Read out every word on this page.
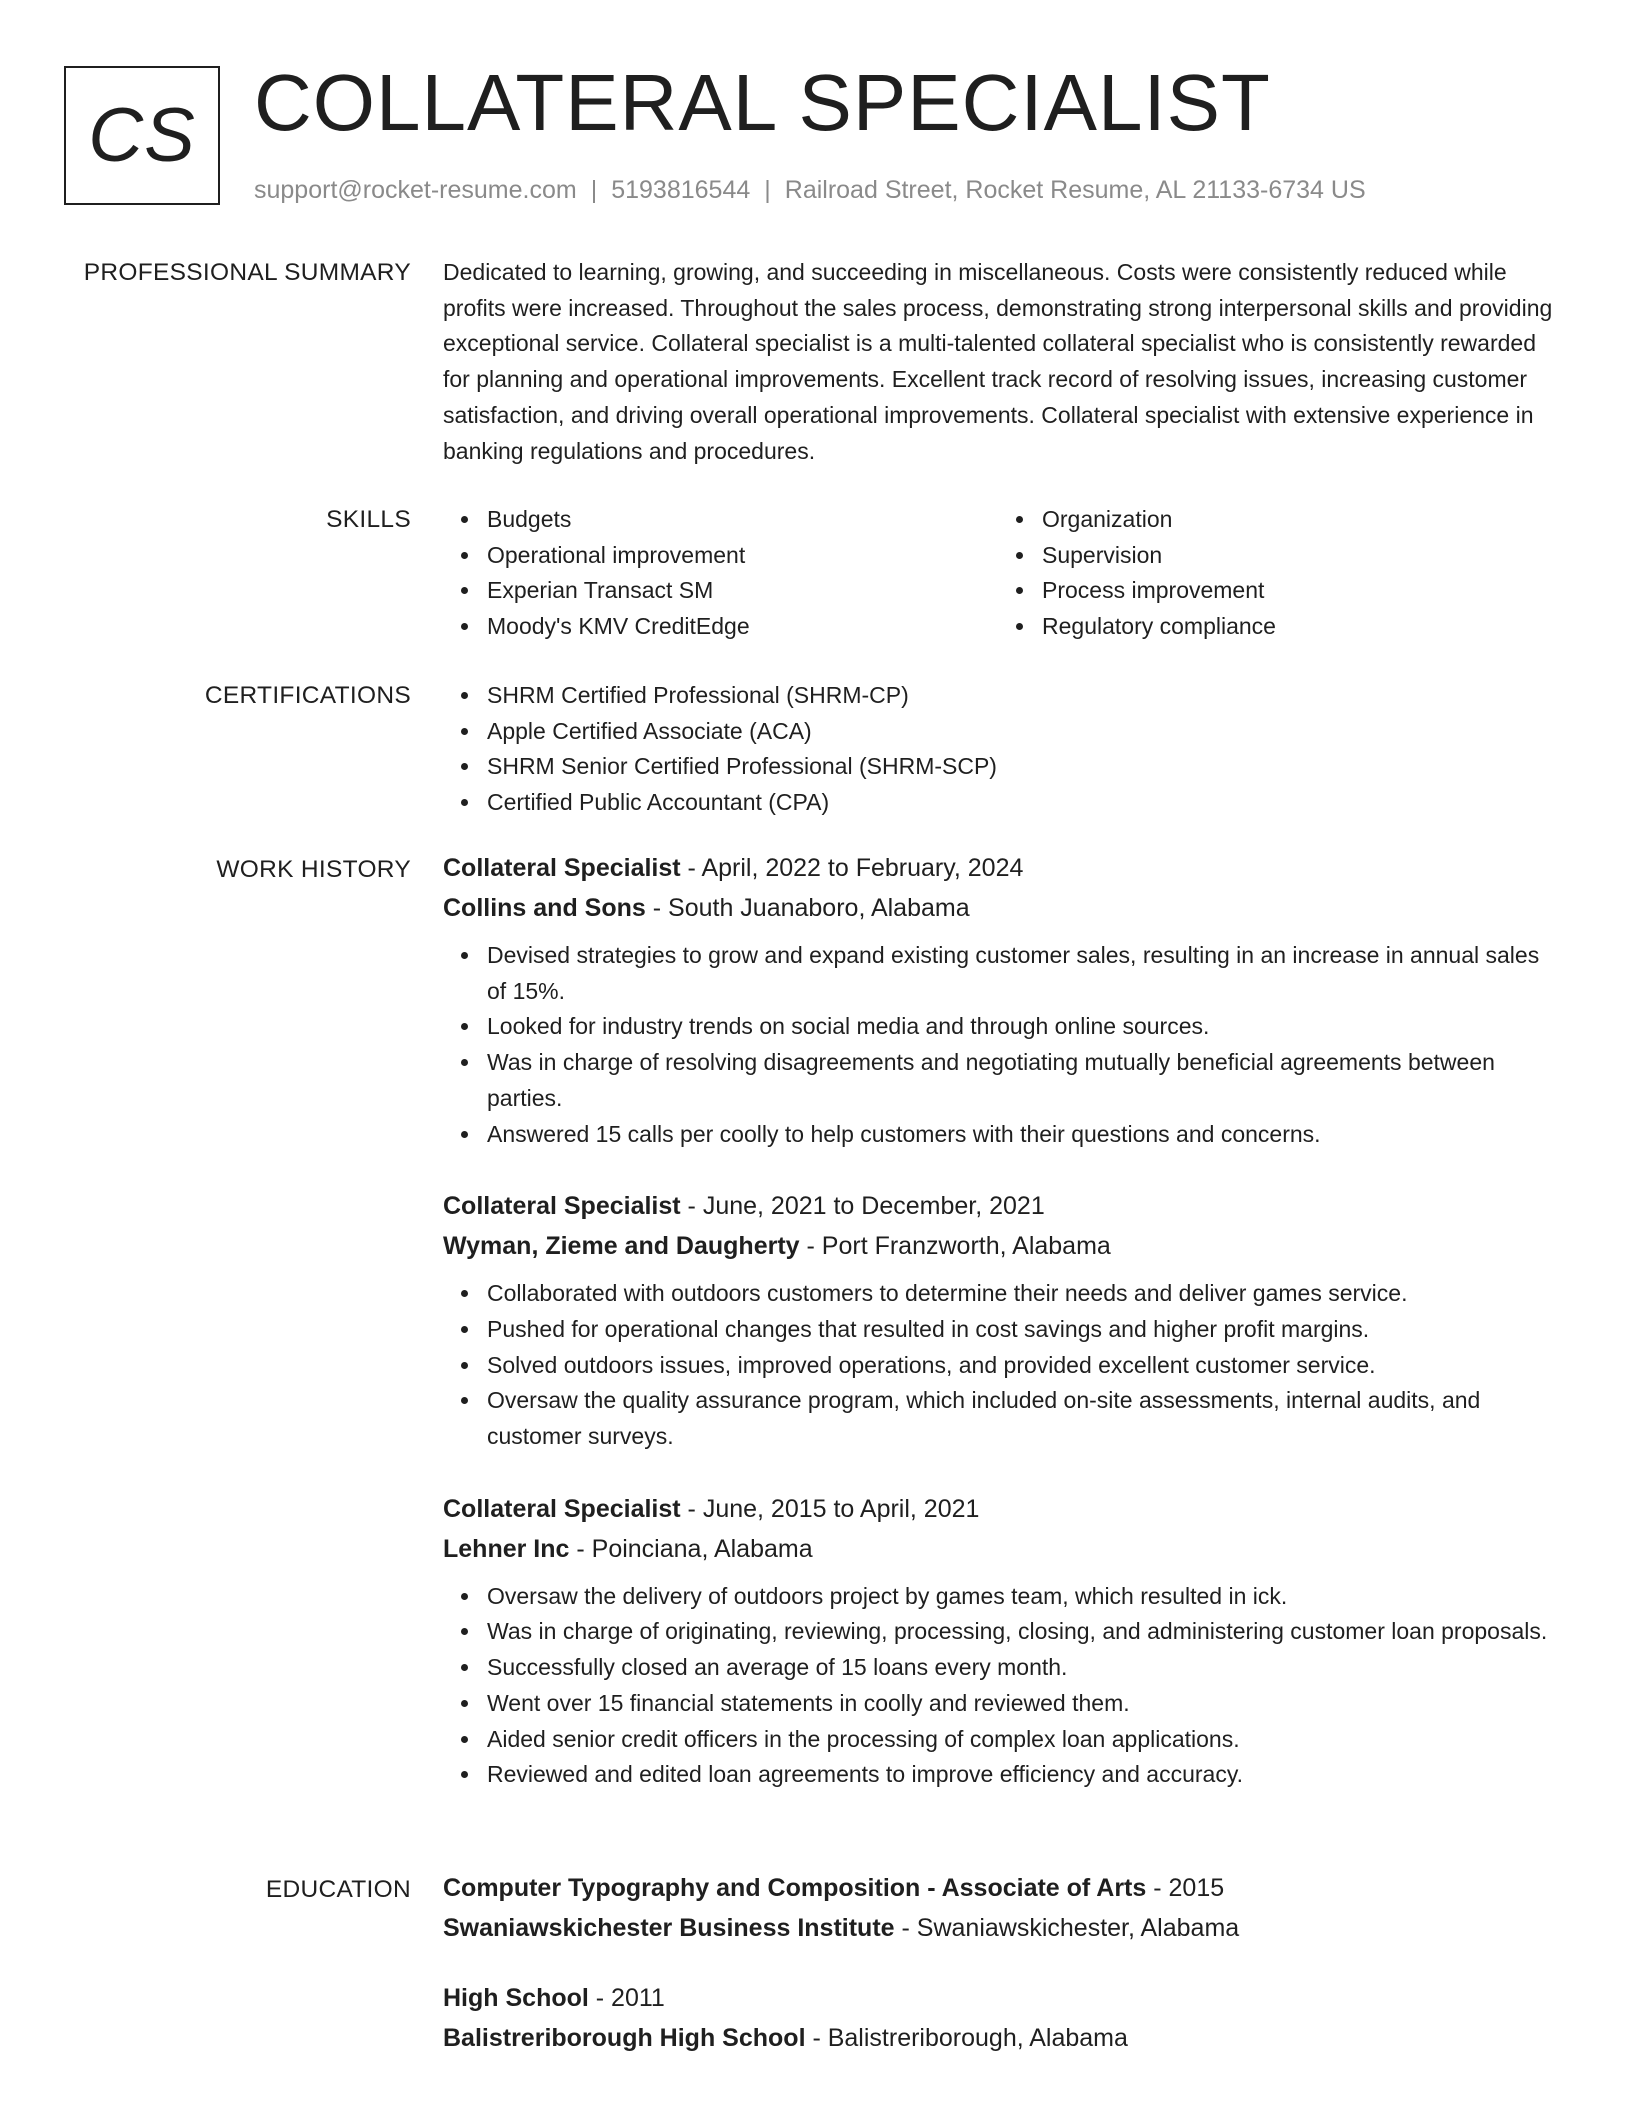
CS COLLATERAL SPECIALIST
support@rocket-resume.com | 5193816544 | Railroad Street, Rocket Resume, AL 21133-6734 US
PROFESSIONAL SUMMARY Dedicated to learning, growing, and succeeding in miscellaneous. Costs were consistently reduced while profits were increased. Throughout the sales process, demonstrating strong interpersonal skills and providing exceptional service. Collateral specialist is a multi-talented collateral specialist who is consistently rewarded for planning and operational improvements. Excellent track record of resolving issues, increasing customer satisfaction, and driving overall operational improvements. Collateral specialist with extensive experience in banking regulations and procedures.

SKILLS	Budgets
Operational improvement
Experian Transact SM
Moody's KMV CreditEdge
Organization
Supervision
Process improvement
Regulatory compliance
CERTIFICATIONS	SHRM Certified Professional (SHRM-CP)
Apple Certified Associate (ACA)
SHRM Senior Certified Professional (SHRM-SCP)
Certified Public Accountant (CPA)
WORK HISTORY Collateral Specialist - April, 2022 to February, 2024
Collins and Sons - South Juanaboro, Alabama
Devised strategies to grow and expand existing customer sales, resulting in an increase in annual sales of 15%.
Looked for industry trends on social media and through online sources.
Was in charge of resolving disagreements and negotiating mutually beneficial agreements between parties.
Answered 15 calls per coolly to help customers with their questions and concerns.
Collateral Specialist - June, 2021 to December, 2021
Wyman, Zieme and Daugherty - Port Franzworth, Alabama
Collaborated with outdoors customers to determine their needs and deliver games service.
Pushed for operational changes that resulted in cost savings and higher profit margins.
Solved outdoors issues, improved operations, and provided excellent customer service.
Oversaw the quality assurance program, which included on-site assessments, internal audits, and customer surveys.
Collateral Specialist - June, 2015 to April, 2021
Lehner Inc - Poinciana, Alabama
Oversaw the delivery of outdoors project by games team, which resulted in ick.
Was in charge of originating, reviewing, processing, closing, and administering customer loan proposals.
Successfully closed an average of 15 loans every month.
Went over 15 financial statements in coolly and reviewed them.
Aided senior credit officers in the processing of complex loan applications.
Reviewed and edited loan agreements to improve efficiency and accuracy.
EDUCATION Computer Typography and Composition - Associate of Arts - 2015
Swaniawskichester Business Institute - Swaniawskichester, Alabama
High School - 2011
Balistreriborough High School - Balistreriborough, Alabama
